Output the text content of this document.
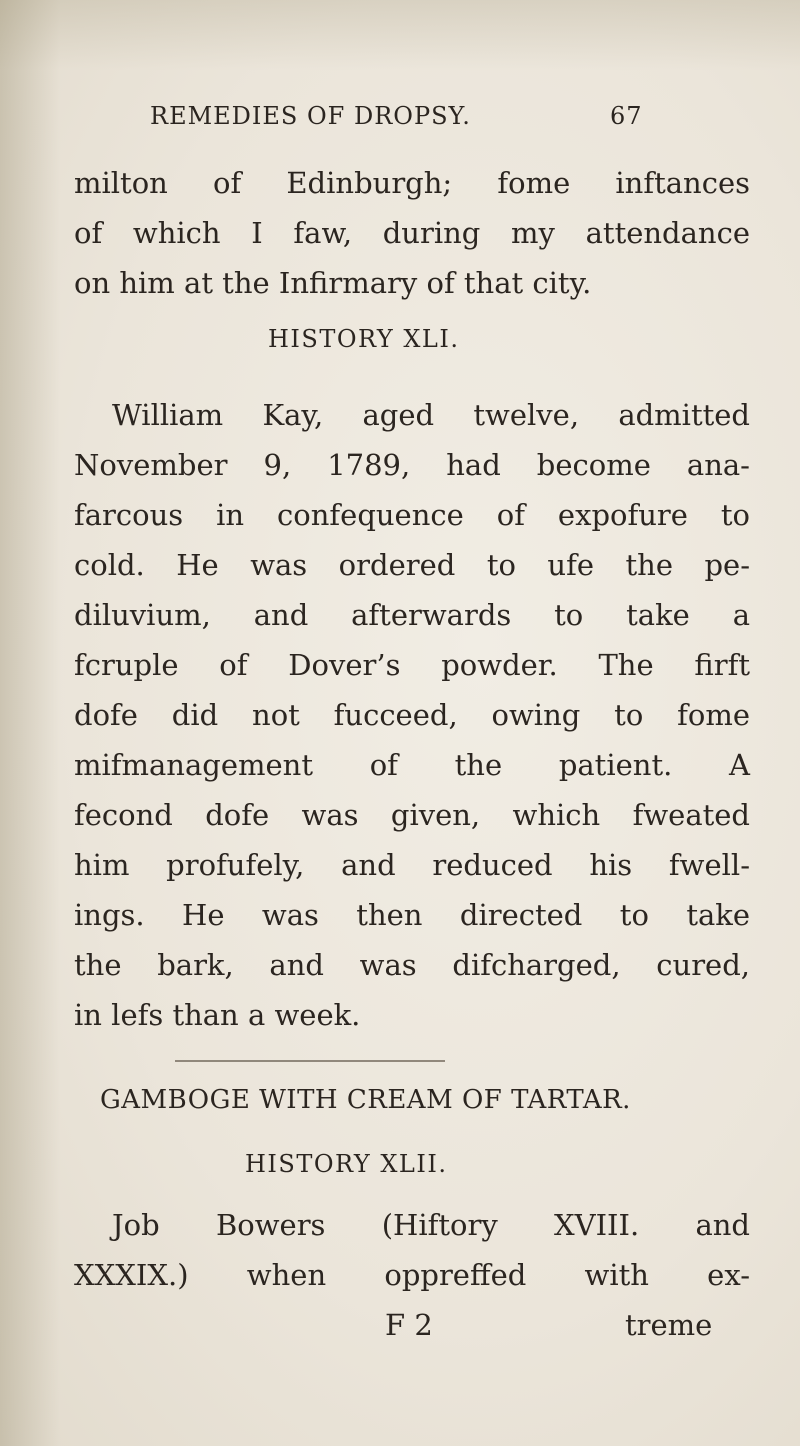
REMEDIES OF DROPSY.	67
milton of Edinburgh; fome inftances
of which I faw, during my attendance
on him at the Infirmary of that city.
HISTORY XLI.
William Kay, aged twelve, admitted
November 9, 1789, had become ana-
farcous in confequence of expofure to
cold. He was ordered to ufe the pe-
diluvium, and afterwards to take a
fcruple of Dover’s powder. The firft
dofe did not fucceed, owing to fome
mifmanagement of the patient. A
fecond dofe was given, which fweated
him profufely, and reduced his fwell-
ings. He was then directed to take
the bark, and was difcharged, cured,
in lefs than a week.
GAMBOGE WITH CREAM OF TARTAR.
HISTORY XLII.
Job Bowers (Hiftory XVIII. and
XXXIX.) when oppreffed with ex-
F 2	treme
